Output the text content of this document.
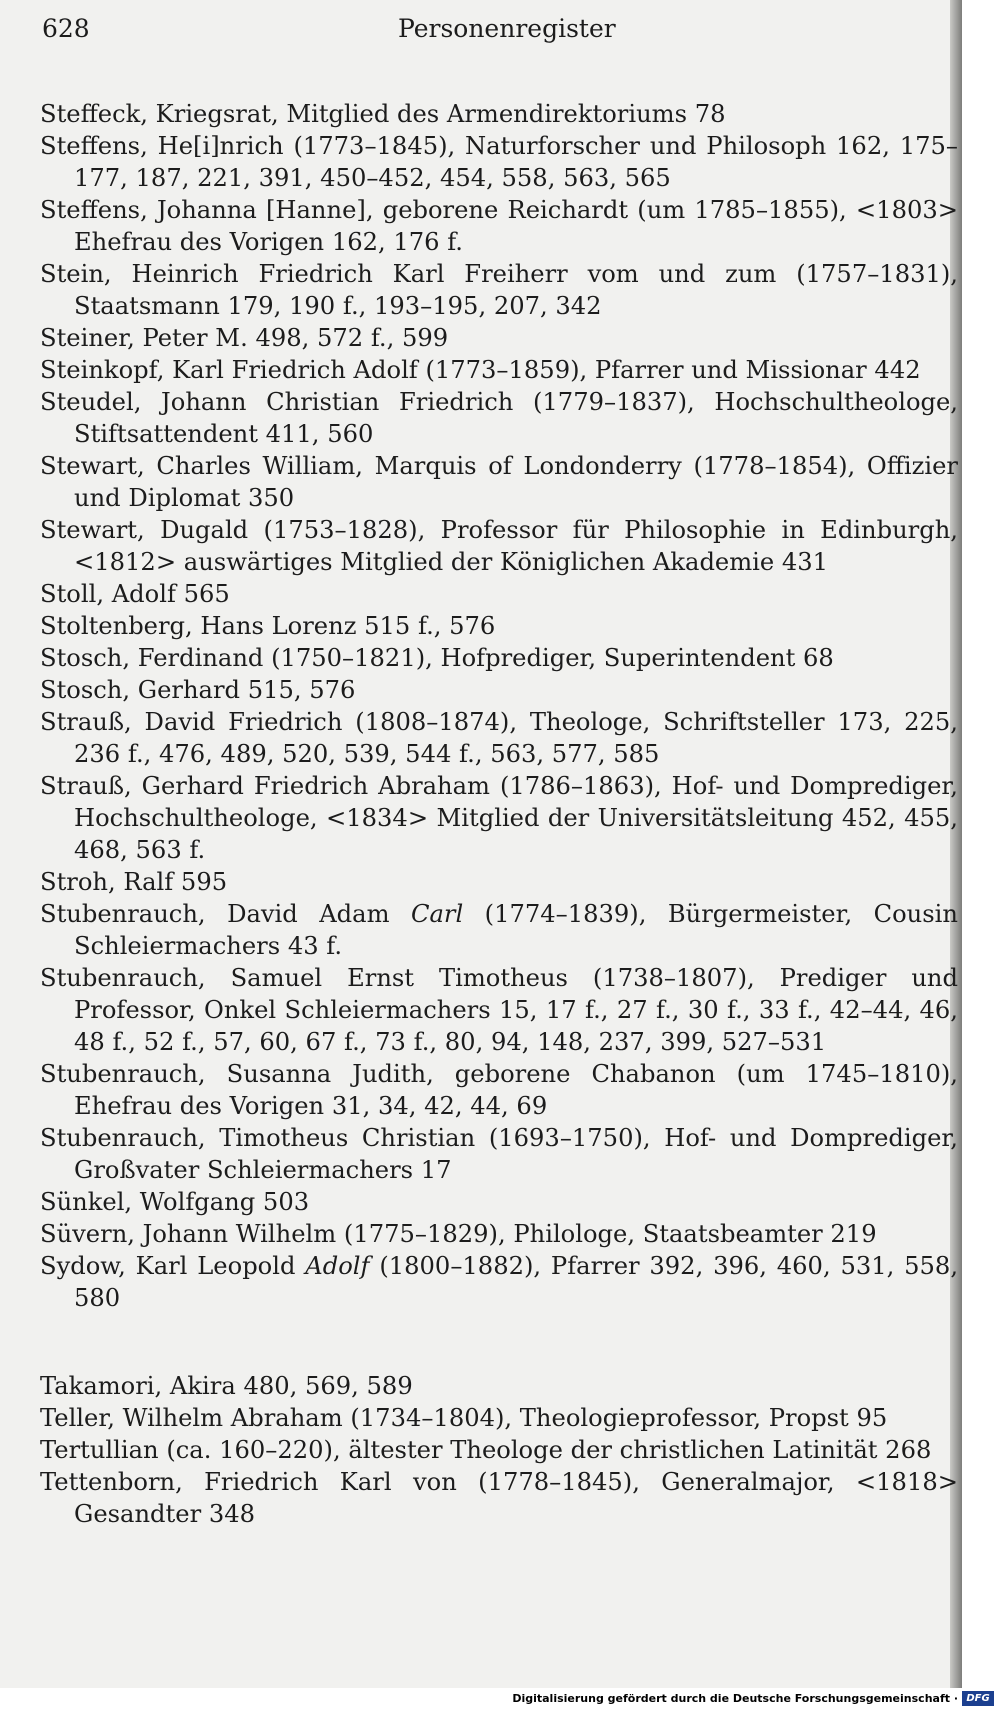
628	Personenregister
Steffeck, Kriegsrat, Mitglied des Armendirektoriums 78
Steffens, He[i]nrich (1773–1845), Naturforscher und Philosoph 162, 175–177, 187, 221, 391, 450–452, 454, 558, 563, 565
Steffens, Johanna [Hanne], geborene Reichardt (um 1785–1855), <1803> Ehefrau des Vorigen 162, 176 f.
Stein, Heinrich Friedrich Karl Freiherr vom und zum (1757–1831), Staatsmann 179, 190 f., 193–195, 207, 342
Steiner, Peter M. 498, 572 f., 599
Steinkopf, Karl Friedrich Adolf (1773–1859), Pfarrer und Missionar 442
Steudel, Johann Christian Friedrich (1779–1837), Hochschultheologe, Stiftsattendent 411, 560
Stewart, Charles William, Marquis of Londonderry (1778–1854), Offizier und Diplomat 350
Stewart, Dugald (1753–1828), Professor für Philosophie in Edinburgh, <1812> auswärtiges Mitglied der Königlichen Akademie 431
Stoll, Adolf 565
Stoltenberg, Hans Lorenz 515 f., 576
Stosch, Ferdinand (1750–1821), Hofprediger, Superintendent 68
Stosch, Gerhard 515, 576
Strauß, David Friedrich (1808–1874), Theologe, Schriftsteller 173, 225, 236 f., 476, 489, 520, 539, 544 f., 563, 577, 585
Strauß, Gerhard Friedrich Abraham (1786–1863), Hof- und Domprediger, Hochschultheologe, <1834> Mitglied der Universitätsleitung 452, 455, 468, 563 f.
Stroh, Ralf 595
Stubenrauch, David Adam Carl (1774–1839), Bürgermeister, Cousin Schleiermachers 43 f.
Stubenrauch, Samuel Ernst Timotheus (1738–1807), Prediger und Professor, Onkel Schleiermachers 15, 17 f., 27 f., 30 f., 33 f., 42–44, 46, 48 f., 52 f., 57, 60, 67 f., 73 f., 80, 94, 148, 237, 399, 527–531
Stubenrauch, Susanna Judith, geborene Chabanon (um 1745–1810), Ehefrau des Vorigen 31, 34, 42, 44, 69
Stubenrauch, Timotheus Christian (1693–1750), Hof- und Domprediger, Großvater Schleiermachers 17
Sünkel, Wolfgang 503
Süvern, Johann Wilhelm (1775–1829), Philologe, Staatsbeamter 219
Sydow, Karl Leopold Adolf (1800–1882), Pfarrer 392, 396, 460, 531, 558, 580
Takamori, Akira 480, 569, 589
Teller, Wilhelm Abraham (1734–1804), Theologieprofessor, Propst 95
Tertullian (ca. 160–220), ältester Theologe der christlichen Latinität 268
Tettenborn, Friedrich Karl von (1778–1845), Generalmajor, <1818> Gesandter 348
Digitalisierung gefördert durch die Deutsche Forschungsgemeinschaft · DFG
